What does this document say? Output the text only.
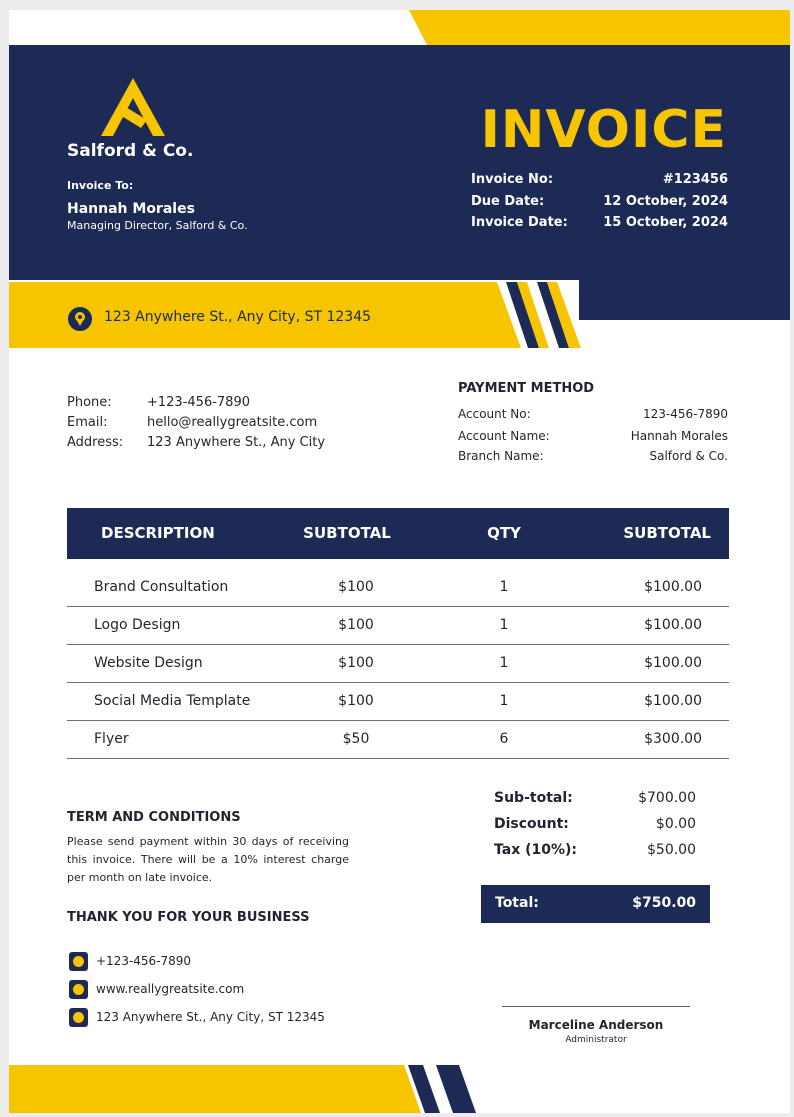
Salford & Co.
Invoice To:
Hannah Morales
Managing Director, Salford & Co.
INVOICE
Invoice No:	#123456
Due Date:	12 October, 2024
Invoice Date:	15 October, 2024
123 Anywhere St., Any City, ST 12345
Phone:	+123-456-7890
Email:	hello@reallygreatsite.com
Address: 123 Anywhere St., Any City
PAYMENT METHOD
Account No:	123-456-7890
Account Name:	Hannah Morales
Branch Name:	Salford & Co.
DESCRIPTION	SUBTOTAL	QTY	SUBTOTAL
Brand Consultation	$100	1	$100.00
Logo Design	$100	1	$100.00
Website Design	$100	1	$100.00
Social Media Template	$100	1	$100.00
Flyer	$50	6	$300.00
Sub-total:	$700.00
Discount:	$0.00
Tax (10%):	$50.00
Total:	$750.00
TERM AND CONDITIONS
Please send payment within 30 days of receiving this invoice. There will be a 10% interest charge per month on late invoice.
THANK YOU FOR YOUR BUSINESS
+123-456-7890
www.reallygreatsite.com
123 Anywhere St., Any City, ST 12345
Marceline Anderson
Administrator
